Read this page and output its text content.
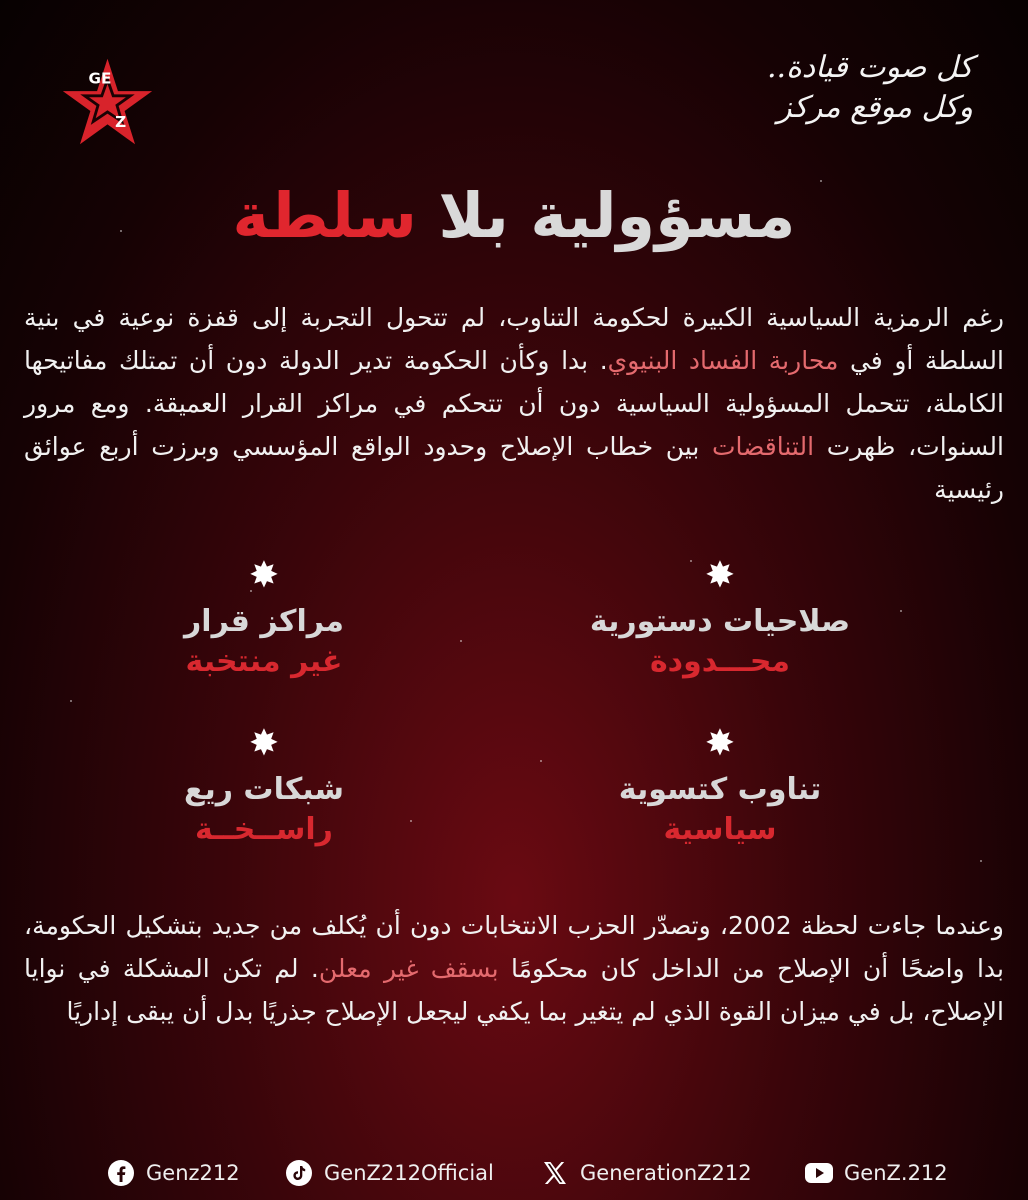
GE
Z
كل صوت قيادة..
وكل موقع مركز
مسؤولية بلا سلطة
رغم الرمزية السياسية الكبيرة لحكومة التناوب، لم تتحول التجربة إلى قفزة نوعية في بنية السلطة أو في محاربة الفساد البنيوي. بدا وكأن الحكومة تدير الدولة دون أن تمتلك مفاتيحها الكاملة، تتحمل المسؤولية السياسية دون أن تتحكم في مراكز القرار العميقة. ومع مرور السنوات، ظهرت التناقضات بين خطاب الإصلاح وحدود الواقع المؤسسي وبرزت أربع عوائق رئيسية
✸
صلاحيات دستورية
محـــدودة
✸
مراكز قرار
غير منتخبة
✸
تناوب كتسوية
سياسية
✸
شبكات ريع
راســخــة
وعندما جاءت لحظة 2002، وتصدّر الحزب الانتخابات دون أن يُكلف من جديد بتشكيل الحكومة، بدا واضحًا أن الإصلاح من الداخل كان محكومًا بسقف غير معلن. لم تكن المشكلة في نوايا الإصلاح، بل في ميزان القوة الذي لم يتغير بما يكفي ليجعل الإصلاح جذريًا بدل أن يبقى إداريًا
Genz212	GenZ212Official	GenerationZ212	GenZ.212
